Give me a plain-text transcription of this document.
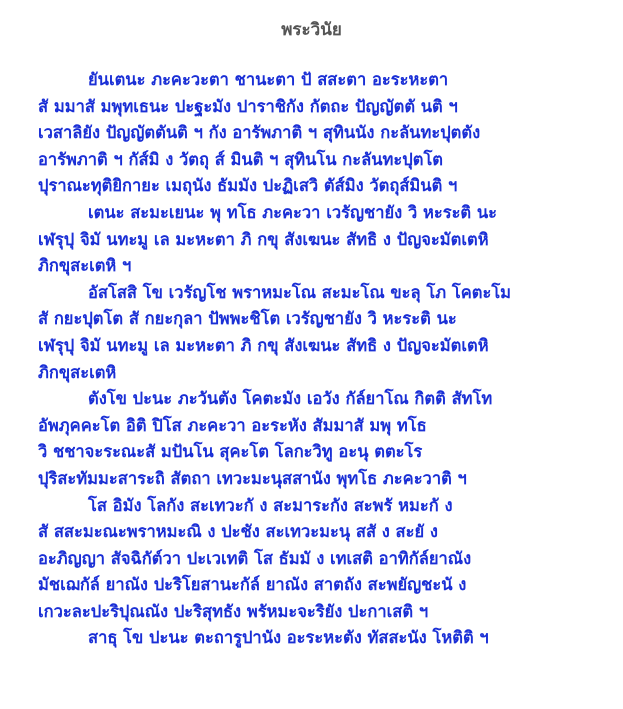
พระวินัย
ยันเตนะ ภะคะวะตา ชานะตา ปั สสะตา อะระหะตา
สั มมาสั มพุทเธนะ ปะฐะมัง ปาราชิกัง กัตถะ ปัญญัตตั นติ ฯ
เวสาลิยัง ปัญญัตตันติ ฯ กัง อารัพภาติ ฯ สุทินนัง กะลันทะปุตตัง
อารัพภาติ ฯ กัส์มิ ง วัตถุ ส์ มินติ ฯ สุทินโน กะลันทะปุตโต
ปุราณะทุติยิกายะ เมถุนัง ธัมมัง ปะฏิเสวิ ตัส์มิง วัตถุส์มินติ ฯ
เตนะ สะมะเยนะ พุ ทโธ ภะคะวา เวรัญชายัง วิ หะระติ นะ
เฬรุปุ จิมั นทะมู เล มะหะตา ภิ กขุ สังเฆนะ สัทธิ ง ปัญจะมัตเตหิ
ภิกขุสะเตหิ ฯ
อัสโสสิ โข เวรัญโช พราหมะโณ สะมะโณ ขะลุ โภ โคตะโม
สั กยะปุตโต สั กยะกุลา ปัพพะชิโต เวรัญชายัง วิ หะระติ นะ
เฬรุปุ จิมั นทะมู เล มะหะตา ภิ กขุ สังเฆนะ สัทธิ ง ปัญจะมัตเตหิ
ภิกขุสะเตหิ
ตังโข ปะนะ ภะวันตัง โคตะมัง เอวัง กัล์ยาโณ กิตติ สัทโท
อัพภุคคะโต อิติ ปิโส ภะคะวา อะระหัง สัมมาสั มพุ ทโธ
วิ ชชาจะระณะสั มปันโน สุคะโต โลกะวิทู อะนุ ตตะโร
ปุริสะทัมมะสาระถิ สัตถา เทวะมะนุสสานัง พุทโธ ภะคะวาติ ฯ
โส อิมัง โลกัง สะเทวะกั ง สะมาระกัง สะพรั หมะกั ง
สั สสะมะณะพราหมะณิ ง ปะชัง สะเทวะมะนุ สสั ง สะยั ง
อะภิญญา สัจฉิกัต์วา ปะเวเทติ โส ธัมมั ง เทเสติ อาทิกัล์ยาณัง
มัชเฌกัล์ ยาณัง ปะริโยสานะกัล์ ยาณัง สาตถัง สะพยัญชะนั ง
เกวะละปะริปุณณัง ปะริสุทธัง พรัหมะจะริยัง ปะกาเสติ ฯ
สาธุ โข ปะนะ ตะถารูปานัง อะระหะตัง ทัสสะนัง โหติติ ฯ
